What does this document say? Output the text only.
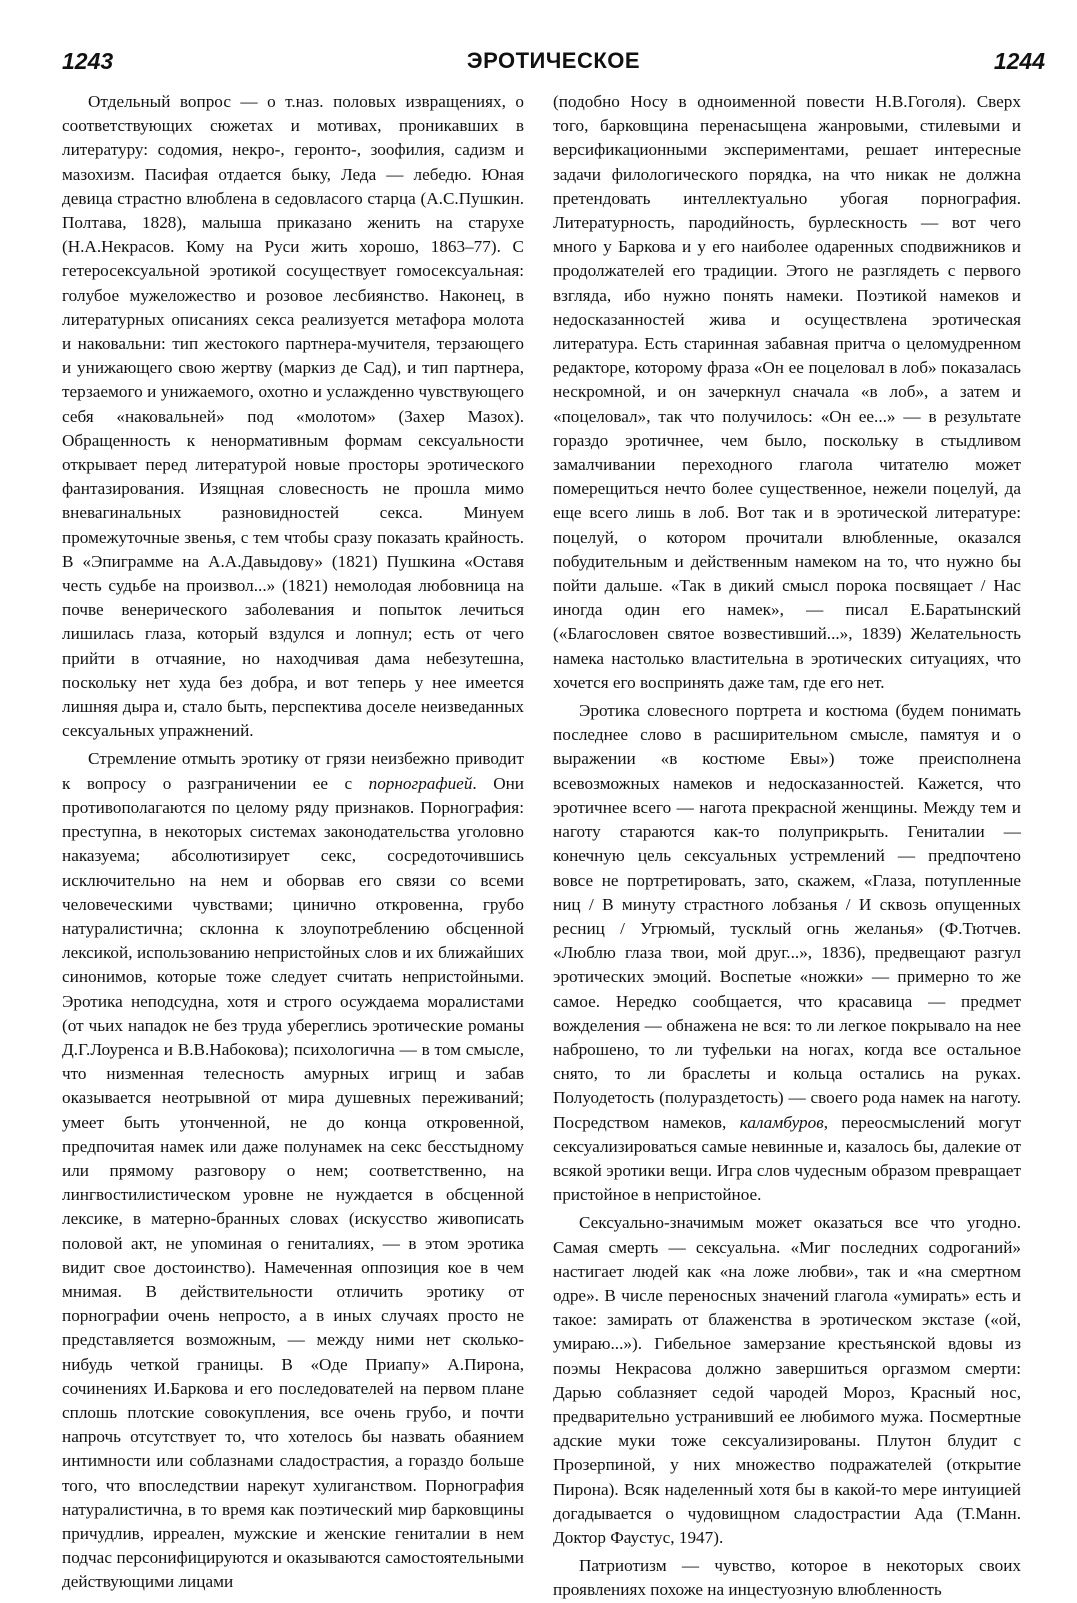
1243	ЭРОТИЧЕСКОЕ	1244

Отдельный вопрос — о т.наз. половых извращениях, о соответствующих сюжетах и мотивах, проникавших в литературу: содомия, некро-, геронто-, зоофилия, садизм и мазохизм. Пасифая отдается быку, Леда — лебедю. Юная девица страстно влюблена в седовласого старца (А.С.Пушкин. Полтава, 1828), малыша приказано женить на старухе (Н.А.Некрасов. Кому на Руси жить хорошо, 1863–77). С гетеросексуальной эротикой сосуществует гомосексуальная: голубое мужеложество и розовое лесбиянство. Наконец, в литературных описаниях секса реализуется метафора молота и наковальни: тип жестокого партнера-мучителя, терзающего и унижающего свою жертву (маркиз де Сад), и тип партнера, терзаемого и унижаемого, охотно и услажденно чувствующего себя «наковальней» под «молотом» (Захер Мазох). Обращенность к ненормативным формам сексуальности открывает перед литературой новые просторы эротического фантазирования. Изящная словесность не прошла мимо вневагинальных разновидностей секса. Минуем промежуточные звенья, с тем чтобы сразу показать крайность. В «Эпиграмме на А.А.Давыдову» (1821) Пушкина «Оставя честь судьбе на произвол...» (1821) немолодая любовница на почве венерического заболевания и попыток лечиться лишилась глаза, который вздулся и лопнул; есть от чего прийти в отчаяние, но находчивая дама небезутешна, поскольку нет худа без добра, и вот теперь у нее имеется лишняя дыра и, стало быть, перспектива доселе неизведанных сексуальных упражнений.

Стремление отмыть эротику от грязи неизбежно приводит к вопросу о разграничении ее с порнографией. Они противополагаются по целому ряду признаков. Порнография: преступна, в некоторых системах законодательства уголовно наказуема; абсолютизирует секс, сосредоточившись исключительно на нем и оборвав его связи со всеми человеческими чувствами; цинично откровенна, грубо натуралистична; склонна к злоупотреблению обсценной лексикой, использованию непристойных слов и их ближайших синонимов, которые тоже следует считать непристойными. Эротика неподсудна, хотя и строго осуждаема моралистами (от чьих нападок не без труда убереглись эротические романы Д.Г.Лоуренса и В.В.Набокова); психологична — в том смысле, что низменная телесность амурных игрищ и забав оказывается неотрывной от мира душевных переживаний; умеет быть утонченной, не до конца откровенной, предпочитая намек или даже полунамек на секс бесстыдному или прямому разговору о нем; соответственно, на лингвостилистическом уровне не нуждается в обсценной лексике, в матерно-бранных словах (искусство живописать половой акт, не упоминая о гениталиях, — в этом эротика видит свое достоинство). Намеченная оппозиция кое в чем мнимая. В действительности отличить эротику от порнографии очень непросто, а в иных случаях просто не представляется возможным, — между ними нет сколько-нибудь четкой границы. В «Оде Приапу» А.Пирона, сочинениях И.Баркова и его последователей на первом плане сплошь плотские совокупления, все очень грубо, и почти напрочь отсутствует то, что хотелось бы назвать обаянием интимности или соблазнами сладострастия, а гораздо больше того, что впоследствии нарекут хулиганством. Порнография натуралистична, в то время как поэтический мир барковщины причудлив, ирреален, мужские и женские гениталии в нем подчас персонифицируются и оказываются самостоятельными действующими лицами

(подобно Носу в одноименной повести Н.В.Гоголя). Сверх того, барковщина перенасыщена жанровыми, стилевыми и версификационными экспериментами, решает интересные задачи филологического порядка, на что никак не должна претендовать интеллектуально убогая порнография. Литературность, пародийность, бурлескность — вот чего много у Баркова и у его наиболее одаренных сподвижников и продолжателей его традиции. Этого не разглядеть с первого взгляда, ибо нужно понять намеки. Поэтикой намеков и недосказанностей жива и осуществлена эротическая литература. Есть старинная забавная притча о целомудренном редакторе, которому фраза «Он ее поцеловал в лоб» показалась нескромной, и он зачеркнул сначала «в лоб», а затем и «поцеловал», так что получилось: «Он ее...» — в результате гораздо эротичнее, чем было, поскольку в стыдливом замалчивании переходного глагола читателю может померещиться нечто более существенное, нежели поцелуй, да еще всего лишь в лоб. Вот так и в эротической литературе: поцелуй, о котором прочитали влюбленные, оказался побудительным и действенным намеком на то, что нужно бы пойти дальше. «Так в дикий смысл порока посвящает / Нас иногда один его намек», — писал Е.Баратынский («Благословен святое возвестивший...», 1839) Желательность намека настолько властительна в эротических ситуациях, что хочется его воспринять даже там, где его нет.

Эротика словесного портрета и костюма (будем понимать последнее слово в расширительном смысле, памятуя и о выражении «в костюме Евы») тоже преисполнена всевозможных намеков и недосказанностей. Кажется, что эротичнее всего — нагота прекрасной женщины. Между тем и наготу стараются как-то полуприкрыть. Гениталии — конечную цель сексуальных устремлений — предпочтено вовсе не портретировать, зато, скажем, «Глаза, потупленные ниц / В минуту страстного лобзанья / И сквозь опущенных ресниц / Угрюмый, тусклый огнь желанья» (Ф.Тютчев. «Люблю глаза твои, мой друг...», 1836), предвещают разгул эротических эмоций. Воспетые «ножки» — примерно то же самое. Нередко сообщается, что красавица — предмет вожделения — обнажена не вся: то ли легкое покрывало на нее наброшено, то ли туфельки на ногах, когда все остальное снято, то ли браслеты и кольца остались на руках. Полуодетость (полураздетость) — своего рода намек на наготу. Посредством намеков, каламбуров, переосмыслений могут сексуализироваться самые невинные и, казалось бы, далекие от всякой эротики вещи. Игра слов чудесным образом превращает пристойное в непристойное.

Сексуально-значимым может оказаться все что угодно. Самая смерть — сексуальна. «Миг последних содроганий» настигает людей как «на ложе любви», так и «на смертном одре». В числе переносных значений глагола «умирать» есть и такое: замирать от блаженства в эротическом экстазе («ой, умираю...»). Гибельное замерзание крестьянской вдовы из поэмы Некрасова должно завершиться оргазмом смерти: Дарью соблазняет седой чародей Мороз, Красный нос, предварительно устранивший ее любимого мужа. Посмертные адские муки тоже сексуализированы. Плутон блудит с Прозерпиной, у них множество подражателей (открытие Пирона). Всяк наделенный хотя бы в какой-то мере интуицией догадывается о чудовищном сладострастии Ада (Т.Манн. Доктор Фаустус, 1947).

Патриотизм — чувство, которое в некоторых своих проявлениях похоже на инцестуозную влюбленность
